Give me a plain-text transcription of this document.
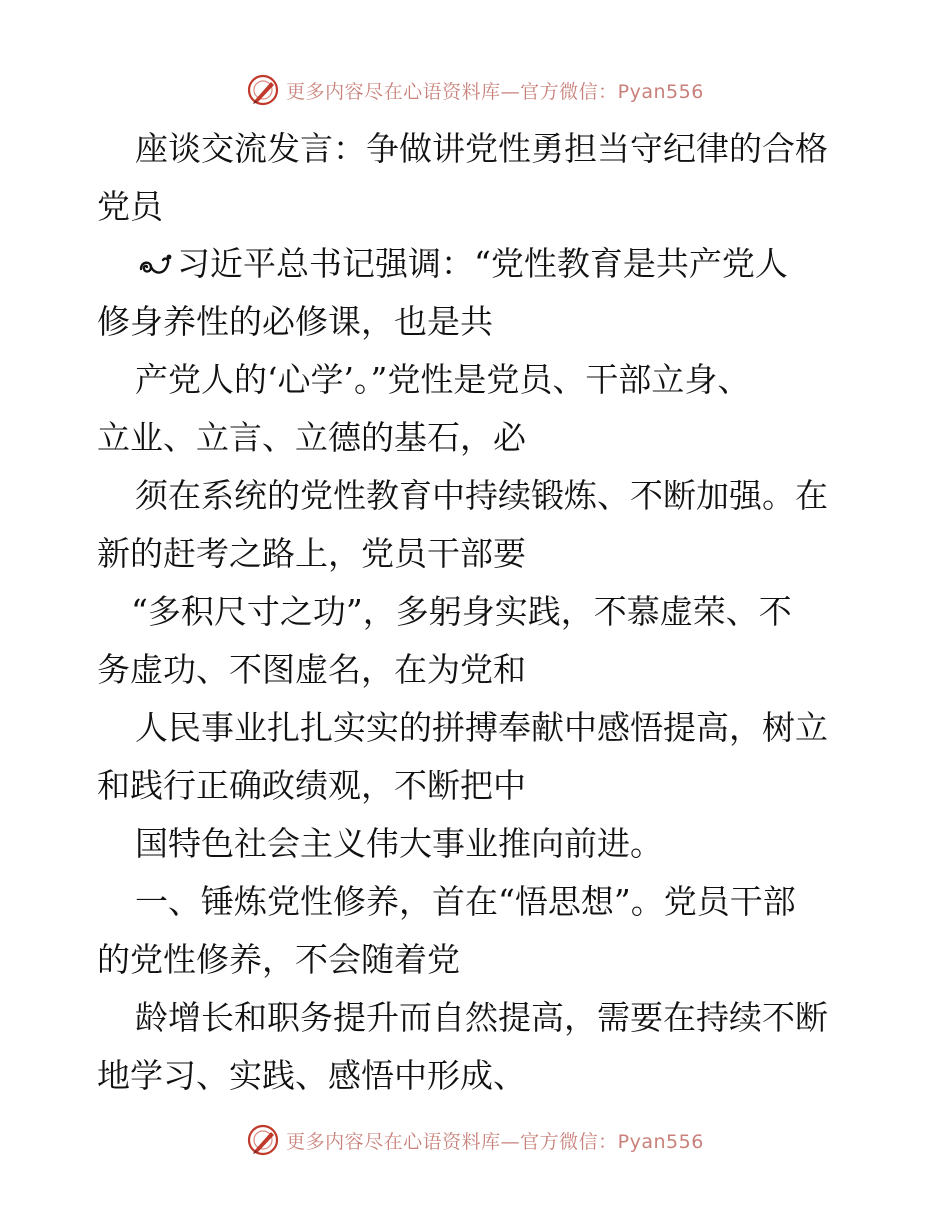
更多内容尽在心语资料库—官方微信：Pyan556
座谈交流发言：争做讲党性勇担当守纪律的合格
党员
习近平总书记强调：“党性教育是共产党人
修身养性的必修课，也是共
产党人的‘心学’。”党性是党员、干部立身、
立业、立言、立德的基石，必
须在系统的党性教育中持续锻炼、不断加强。在
新的赶考之路上，党员干部要
“多积尺寸之功”，多躬身实践，不慕虚荣、不
务虚功、不图虚名，在为党和
人民事业扎扎实实的拼搏奉献中感悟提高，树立
和践行正确政绩观，不断把中
国特色社会主义伟大事业推向前进。
一、锤炼党性修养，首在“悟思想”。党员干部
的党性修养，不会随着党
龄增长和职务提升而自然提高，需要在持续不断
地学习、实践、感悟中形成、
更多内容尽在心语资料库—官方微信：Pyan556
